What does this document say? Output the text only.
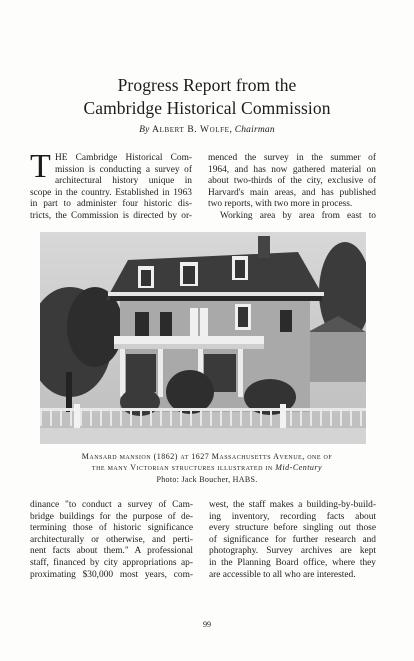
Progress Report from the
Cambridge Historical Commission
By Albert B. Wolfe, Chairman
T HE Cambridge Historical Com-
mission is conducting a survey of
architectural history unique in
scope in the country. Established in 1963
in part to administer four historic dis-
tricts, the Commission is directed by or-
menced the survey in the summer of
1964, and has now gathered material on
about two-thirds of the city, exclusive of
Harvard's main areas, and has published
two reports, with two more in process.
Working area by area from east to
Mansard mansion (1862) at 1627 Massachusetts Avenue, one of
the many Victorian structures illustrated in Mid-Century
Photo: Jack Boucher, HABS.
dinance "to conduct a survey of Cam-
bridge buildings for the purpose of de-
termining those of historic significance
architecturally or otherwise, and perti-
nent facts about them." A professional
staff, financed by city appropriations ap-
proximating $30,000 most years, com-
west, the staff makes a building-by-build-
ing inventory, recording facts about
every structure before singling out those
of significance for further research and
photography. Survey archives are kept
in the Planning Board office, where they
are accessible to all who are interested.
99
